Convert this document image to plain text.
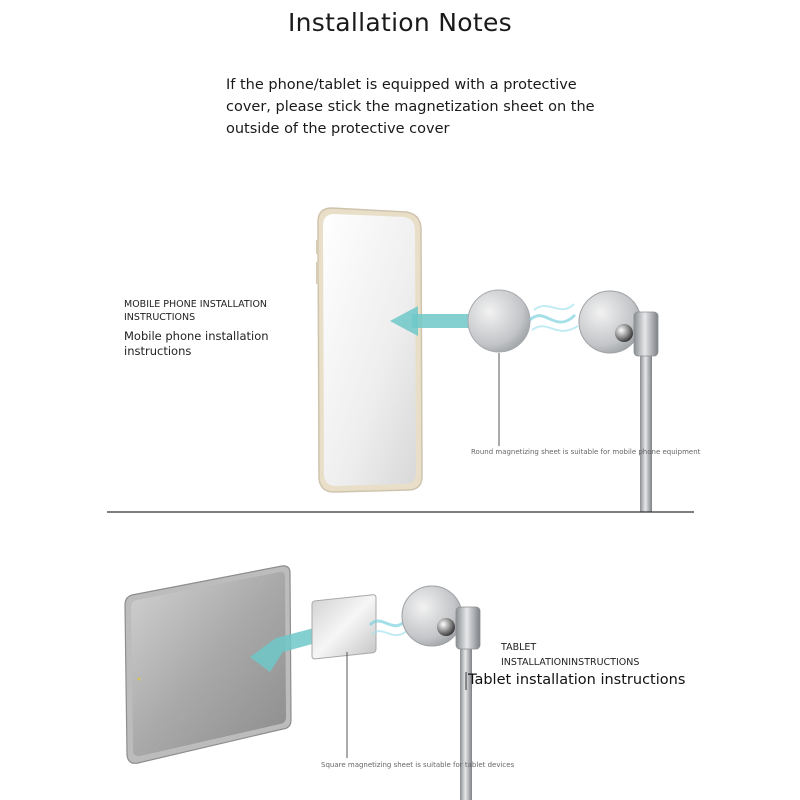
Installation Notes
If the phone/tablet is equipped with a protective cover, please stick the magnetization sheet on the outside of the protective cover
MOBILE PHONE INSTALLATION
INSTRUCTIONS
Mobile phone installation
instructions
Round magnetizing sheet is suitable for mobile phone equipment
TABLET
INSTALLATIONINSTRUCTIONS
Tablet installation instructions
Square magnetizing sheet is suitable for tablet devices
